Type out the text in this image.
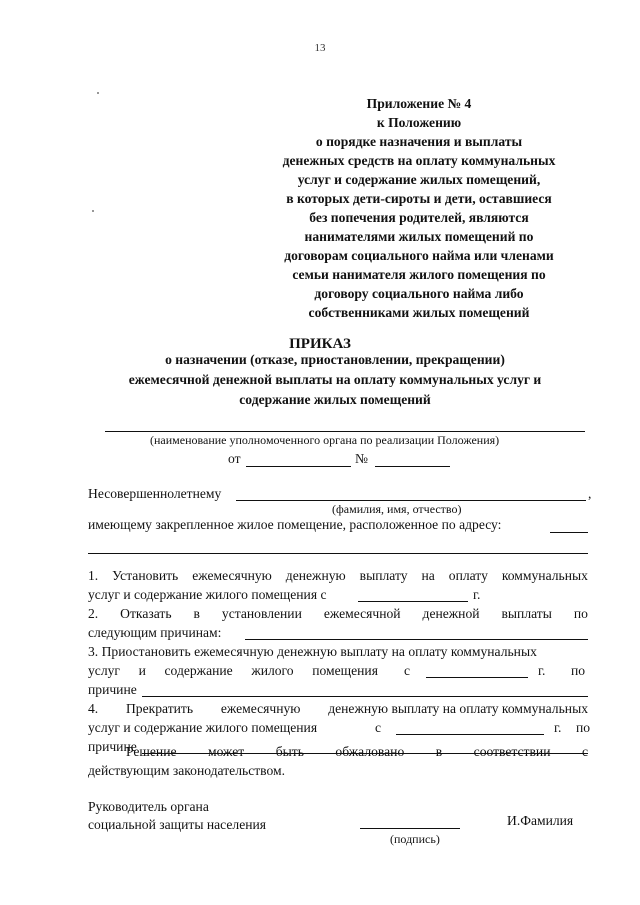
13
Приложение № 4
к Положению
о порядке назначения и выплаты
денежных средств на оплату коммунальных
услуг и содержание жилых помещений,
в которых дети-сироты и дети, оставшиеся
без попечения родителей, являются
нанимателями жилых помещений по
договорам социального найма или членами
семьи нанимателя жилого помещения по
договору социального найма либо
собственниками жилых помещений
ПРИКАЗ
о назначении (отказе, приостановлении, прекращении)
ежемесячной денежной выплаты на оплату коммунальных услуг и
содержание жилых помещений
(наименование уполномоченного органа по реализации Положения)
от	№
Несовершеннолетнему	,
(фамилия, имя, отчество)
имеющему закрепленное жилое помещение, расположенное по адресу:
1. Установить ежемесячную денежную выплату на оплату коммунальных
услуг и содержание жилого помещения с	г.
2. Отказать в установлении ежемесячной денежной выплаты по
следующим причинам:
3. Приостановить ежемесячную денежную выплату на оплату коммунальных
услуг и содержание жилого помещения с	г. по
причине
4. Прекратить ежемесячную денежную выплату на оплату коммунальных
услуг и содержание жилого помещения	с	г. по
причине
Решение может быть обжаловано в соответствии с
действующим законодательством.
Руководитель органа
социальной защиты населения
(подпись)
И.Фамилия
